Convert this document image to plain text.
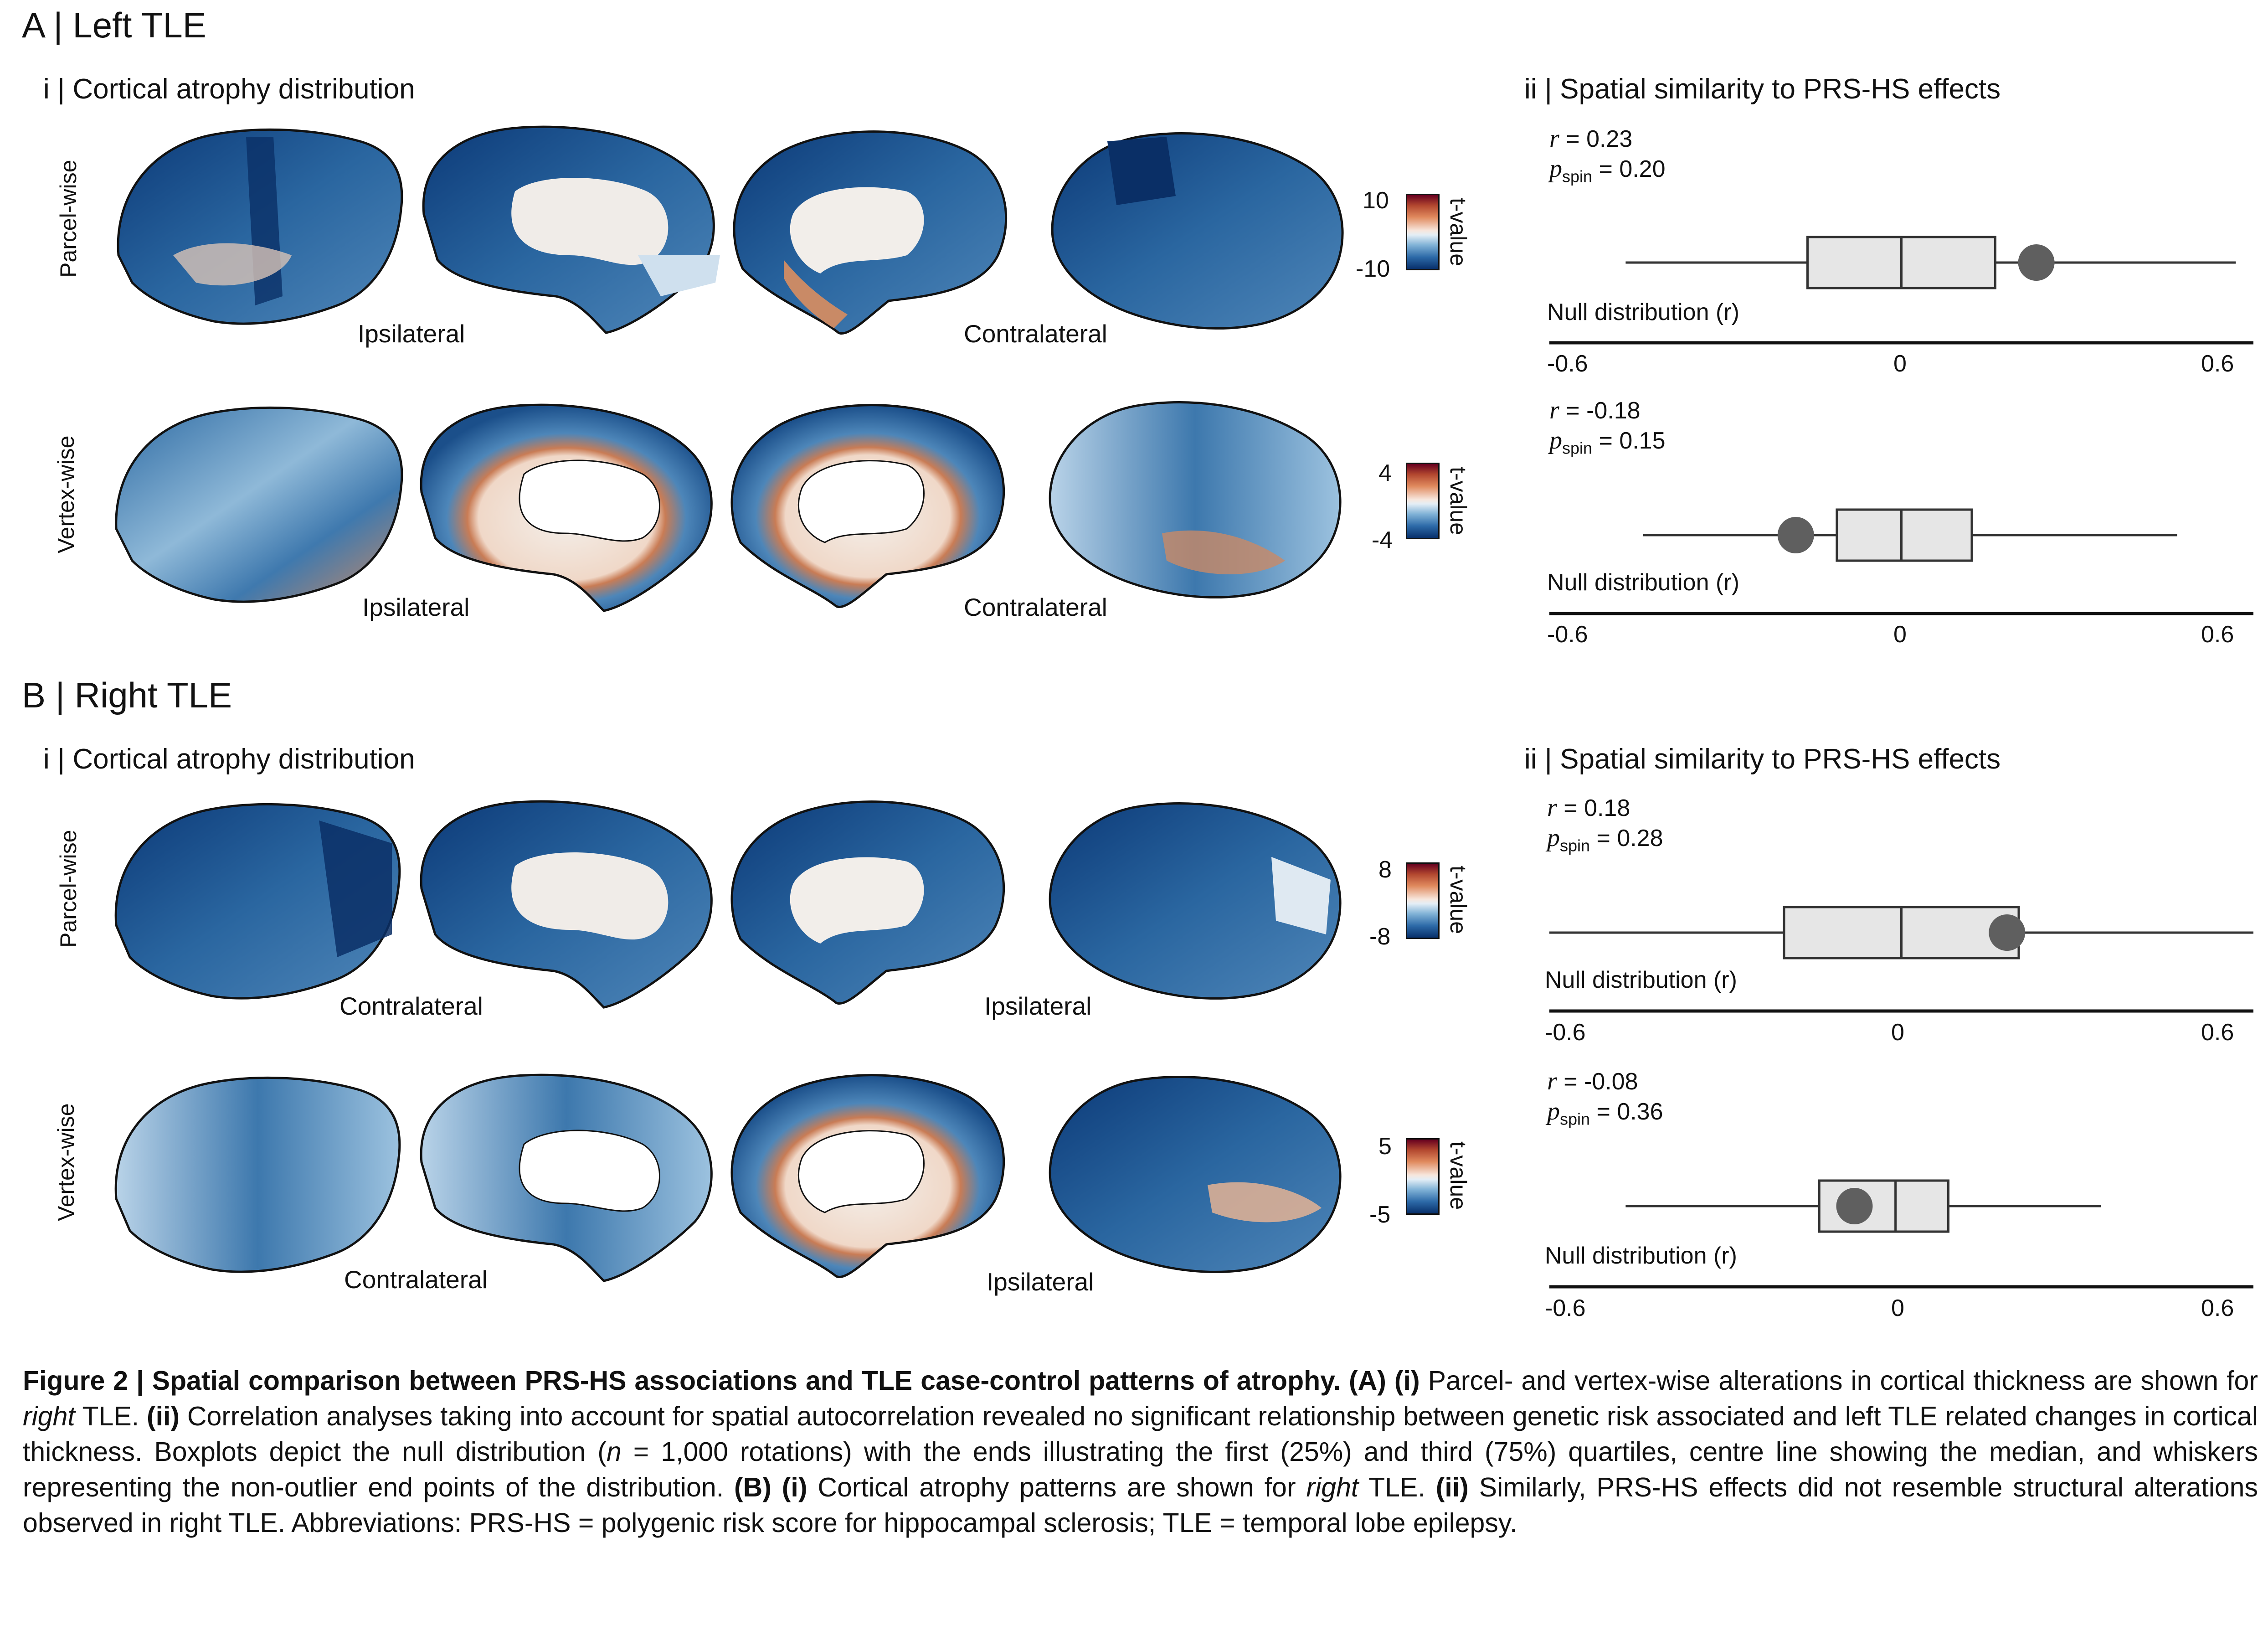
A | Left TLE
i | Cortical atrophy distribution	ii | Spatial similarity to PRS-HS effects
Parcel-wise
Vertex-wise
Ipsilateral	Contralateral
Ipsilateral	Contralateral
10
-10
t-value
4
-4
t-value
B | Right TLE
i | Cortical atrophy distribution	ii | Spatial similarity to PRS-HS effects
Parcel-wise
Vertex-wise
Contralateral	Ipsilateral
Contralateral	Ipsilateral
8
-8
t-value
5
-5
t-value
r = 0.23
$p_{spin} = 0.20$
r = -0.18
$p_{spin} = 0.15$
r = 0.18
$p_{spin} = 0.28$
r = -0.08
$p_{spin} = 0.36$
Null distribution (r)
Null distribution (r)
Null distribution (r)
Null distribution (r)
-0.6	0	0.6
-0.6	0	0.6
-0.6	0	0.6
-0.6	0	0.6
Figure 2 | Spatial comparison between PRS-HS associations and TLE case-control patterns of atrophy. (A) (i) Parcel- and vertex-wise alterations in cortical thickness are shown for right TLE. (ii) Correlation analyses taking into account for spatial autocorrelation revealed no significant relationship between genetic risk associated and left TLE related changes in cortical thickness. Boxplots depict the null distribution (n = 1,000 rotations) with the ends illustrating the first (25%) and third (75%) quartiles, centre line showing the median, and whiskers representing the non-outlier end points of the distribution. (B) (i) Cortical atrophy patterns are shown for right TLE. (ii) Similarly, PRS-HS effects did not resemble structural alterations observed in right TLE. Abbreviations: PRS-HS = polygenic risk score for hippocampal sclerosis; TLE = temporal lobe epilepsy.
